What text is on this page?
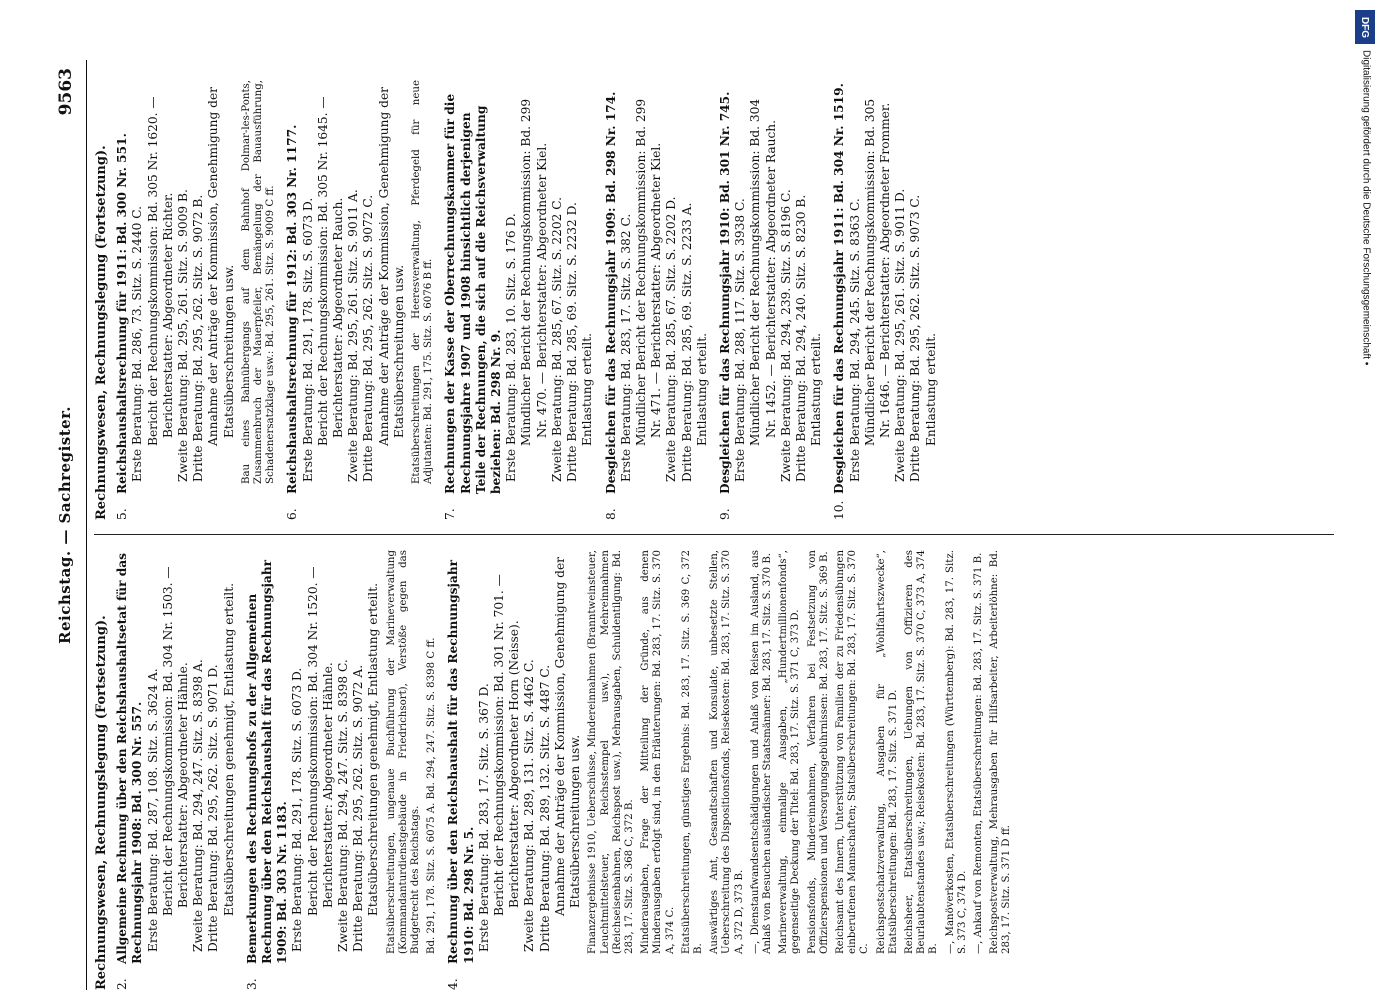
DFG
Digitalisierung gefördert durch die Deutsche Forschungsgemeinschaft •
Reichstag. — Sachregister.
9563
Rechnungswesen, Rechnungslegung (Fortsetzung). 2.
Allgemeine Rechnung über den Reichshaushaltsetat für das Rechnungsjahr 1908: Bd. 300 Nr. 557. Erste Beratung: Bd. 287, 108. Sitz. S. 3624 A. Bericht der Rechnungskommission: Bd. 304 Nr. 1503. — Berichterstatter: Abgeordneter Hähnle. Zweite Beratung: Bd. 294, 247. Sitz. S. 8398 A. Dritte Beratung: Bd. 295, 262. Sitz. S. 9071 D. Etatsüberschreitungen genehmigt, Entlastung erteilt.
3.
Bemerkungen des Rechnungshofs zu der Allgemeinen Rechnung über den Reichshaushalt für das Rechnungsjahr 1909: Bd. 303 Nr. 1183. Erste Beratung: Bd. 291, 178. Sitz. S. 6073 D. Bericht der Rechnungskommission: Bd. 304 Nr. 1520. — Berichterstatter: Abgeordneter Hähnle. Zweite Beratung: Bd. 294, 247. Sitz. S. 8398 C. Dritte Beratung: Bd. 295, 262. Sitz. S. 9072 A. Etatsüberschreitungen genehmigt, Entlastung erteilt. Etatsüberschreitungen, ungenaue Buchführung der Marineverwaltung (Kommandanturdienstgebäude in Friedrichsort), Verstöße gegen das Budgetrecht des Reichstags. Bd. 291, 178. Sitz. S. 6075 A. Bd. 294, 247. Sitz. S. 8398 C ff.
4.
Rechnung über den Reichshaushalt für das Rechnungsjahr 1910: Bd. 298 Nr. 5. Erste Beratung: Bd. 283, 17. Sitz. S. 367 D. Bericht der Rechnungskommission: Bd. 301 Nr. 701. — Berichterstatter: Abgeordneter Horn (Neisse). Zweite Beratung: Bd. 289, 131. Sitz. S. 4462 C. Dritte Beratung: Bd. 289, 132. Sitz. S. 4487 C. Annahme der Anträge der Kommission, Genehmigung der Etatsüberschreitungen usw. Finanzergebnisse 1910, Ueberschüsse, Mindereinnahmen (Branntweinsteuer, Leuchtmittelsteuer, Reichsstempel usw.), Mehreinnahmen (Reichseisenbahnen, Reichspost usw.), Mehrausgaben, Schuldentilgung: Bd. 283, 17. Sitz. S. 368 C, 372 B. Minderausgaben, Frage der Mitteilung der Gründe, aus denen Minderausgaben erfolgt sind, in den Erläuterungen: Bd. 283, 17. Sitz. S. 370 A, 374 C. Etatsüberschreitungen, günstiges Ergebnis: Bd. 283, 17. Sitz. S. 369 C, 372 B. Auswärtiges Amt, Gesandtschaften und Konsulate, unbesetzte Stellen, Ueberschreitung des Dispositionsfonds, Reisekosten: Bd. 283, 17. Sitz. S. 370 A, 372 D, 373 B. —, Dienstaufwandsentschädigungen und Anlaß von Reisen im Ausland, aus Anlaß von Besuchen ausländischer Staatsmänner: Bd. 283, 17. Sitz. S. 370 B. Marineverwaltung, einmalige Ausgaben, „Hundertmillionenfonds“, gegenseitige Deckung der Titel: Bd. 283, 17. Sitz. S. 371 C, 373 D. Pensionsfonds, Mindereinnahmen, Verfahren bei Festsetzung von Offizierspensionen und Versorgungsgebührnissen: Bd. 283, 17. Sitz. S. 369 B. Reichsamt des Innern, Unterstützung von Familien der zu Friedensübungen einberufenen Mannschaften; Statsüberschreitungen: Bd. 283, 17. Sitz. S. 370 C. Reichspostschatzverwaltung, Ausgaben für „Wohlfahrtszwecke“, Etatsüberschreitungen: Bd. 283, 17. Sitz. S. 371 D. Reichsheer, Etatsüberschreitungen, Uebungen von Offizieren des Beurlaubtenstandes usw.; Reisekosten: Bd. 283, 17. Sitz. S. 370 C, 373 A, 374 B. —, Manöverkosten, Etatsüberschreitungen (Württemberg): Bd. 283, 17. Sitz. S. 373 C, 374 D. —, Ankauf von Remonten, Etatsüberschreitungen: Bd. 283, 17. Sitz. S. 371 B. Reichspostverwaltung, Mehrausgaben für Hilfsarbeiter, Arbeiterlöhne: Bd. 283, 17. Sitz. S. 371 D ff.
Rechnungswesen, Rechnungslegung (Fortsetzung). 5.
Reichshaushaltsrechnung für 1911: Bd. 300 Nr. 551. Erste Beratung: Bd. 286, 73. Sitz. S. 2440 C. Bericht der Rechnungskommission: Bd. 305 Nr. 1620. — Berichterstatter: Abgeordneter Richter. Zweite Beratung: Bd. 295, 261. Sitz. S. 9009 B. Dritte Beratung: Bd. 295, 262. Sitz. S. 9072 B. Annahme der Anträge der Kommission, Genehmigung der Etatsüberschreitungen usw. Bau eines Bahnübergangs auf dem Bahnhof Dolmar-les-Ponts, Zusammenbruch der Mauerpfeiler, Bemängelung der Bauausführung, Schadenersatzklage usw.: Bd. 295, 261. Sitz. S. 9009 C ff.
6.
Reichshaushaltsrechnung für 1912: Bd. 303 Nr. 1177. Erste Beratung: Bd. 291, 178. Sitz. S. 6073 D. Bericht der Rechnungskommission: Bd. 305 Nr. 1645. — Berichterstatter: Abgeordneter Rauch. Zweite Beratung: Bd. 295, 261. Sitz. S. 9011 A. Dritte Beratung: Bd. 295, 262. Sitz. S. 9072 C. Annahme der Anträge der Kommission, Genehmigung der Etatsüberschreitungen usw. Etatsüberschreitungen der Heeresverwaltung, Pferdegeld für neue Adjutanten: Bd. 291, 175. Sitz. S. 6076 B ff.
7.
Rechnungen der Kasse der Oberrechnungskammer für die Rechnungsjahre 1907 und 1908 hinsichtlich derjenigen Teile der Rechnungen, die sich auf die Reichsverwaltung beziehen: Bd. 298 Nr. 9. Erste Beratung: Bd. 283, 10. Sitz. S. 176 D. Mündlicher Bericht der Rechnungskommission: Bd. 299 Nr. 470. — Berichterstatter: Abgeordneter Kiel. Zweite Beratung: Bd. 285, 67. Sitz. S. 2202 C. Dritte Beratung: Bd. 285, 69. Sitz. S. 2232 D. Entlastung erteilt.
8.
Desgleichen für das Rechnungsjahr 1909: Bd. 298 Nr. 174. Erste Beratung: Bd. 283, 17. Sitz. S. 382 C. Mündlicher Bericht der Rechnungskommission: Bd. 299 Nr. 471. — Berichterstatter: Abgeordneter Kiel. Zweite Beratung: Bd. 285, 67. Sitz. S. 2202 D. Dritte Beratung: Bd. 285, 69. Sitz. S. 2233 A. Entlastung erteilt.
9.
Desgleichen für das Rechnungsjahr 1910: Bd. 301 Nr. 745. Erste Beratung: Bd. 288, 117. Sitz. S. 3938 C. Mündlicher Bericht der Rechnungskommission: Bd. 304 Nr. 1452. — Berichterstatter: Abgeordneter Rauch. Zweite Beratung: Bd. 294, 239. Sitz. S. 8196 C. Dritte Beratung: Bd. 294, 240. Sitz. S. 8230 B. Entlastung erteilt.
10.
Desgleichen für das Rechnungsjahr 1911: Bd. 304 Nr. 1519. Erste Beratung: Bd. 294, 245. Sitz. S. 8363 C. Mündlicher Bericht der Rechnungskommission: Bd. 305 Nr. 1646. — Berichterstatter: Abgeordneter Frommer. Zweite Beratung: Bd. 295, 261. Sitz. S. 9011 D. Dritte Beratung: Bd. 295, 262. Sitz. S. 9073 C. Entlastung erteilt.
